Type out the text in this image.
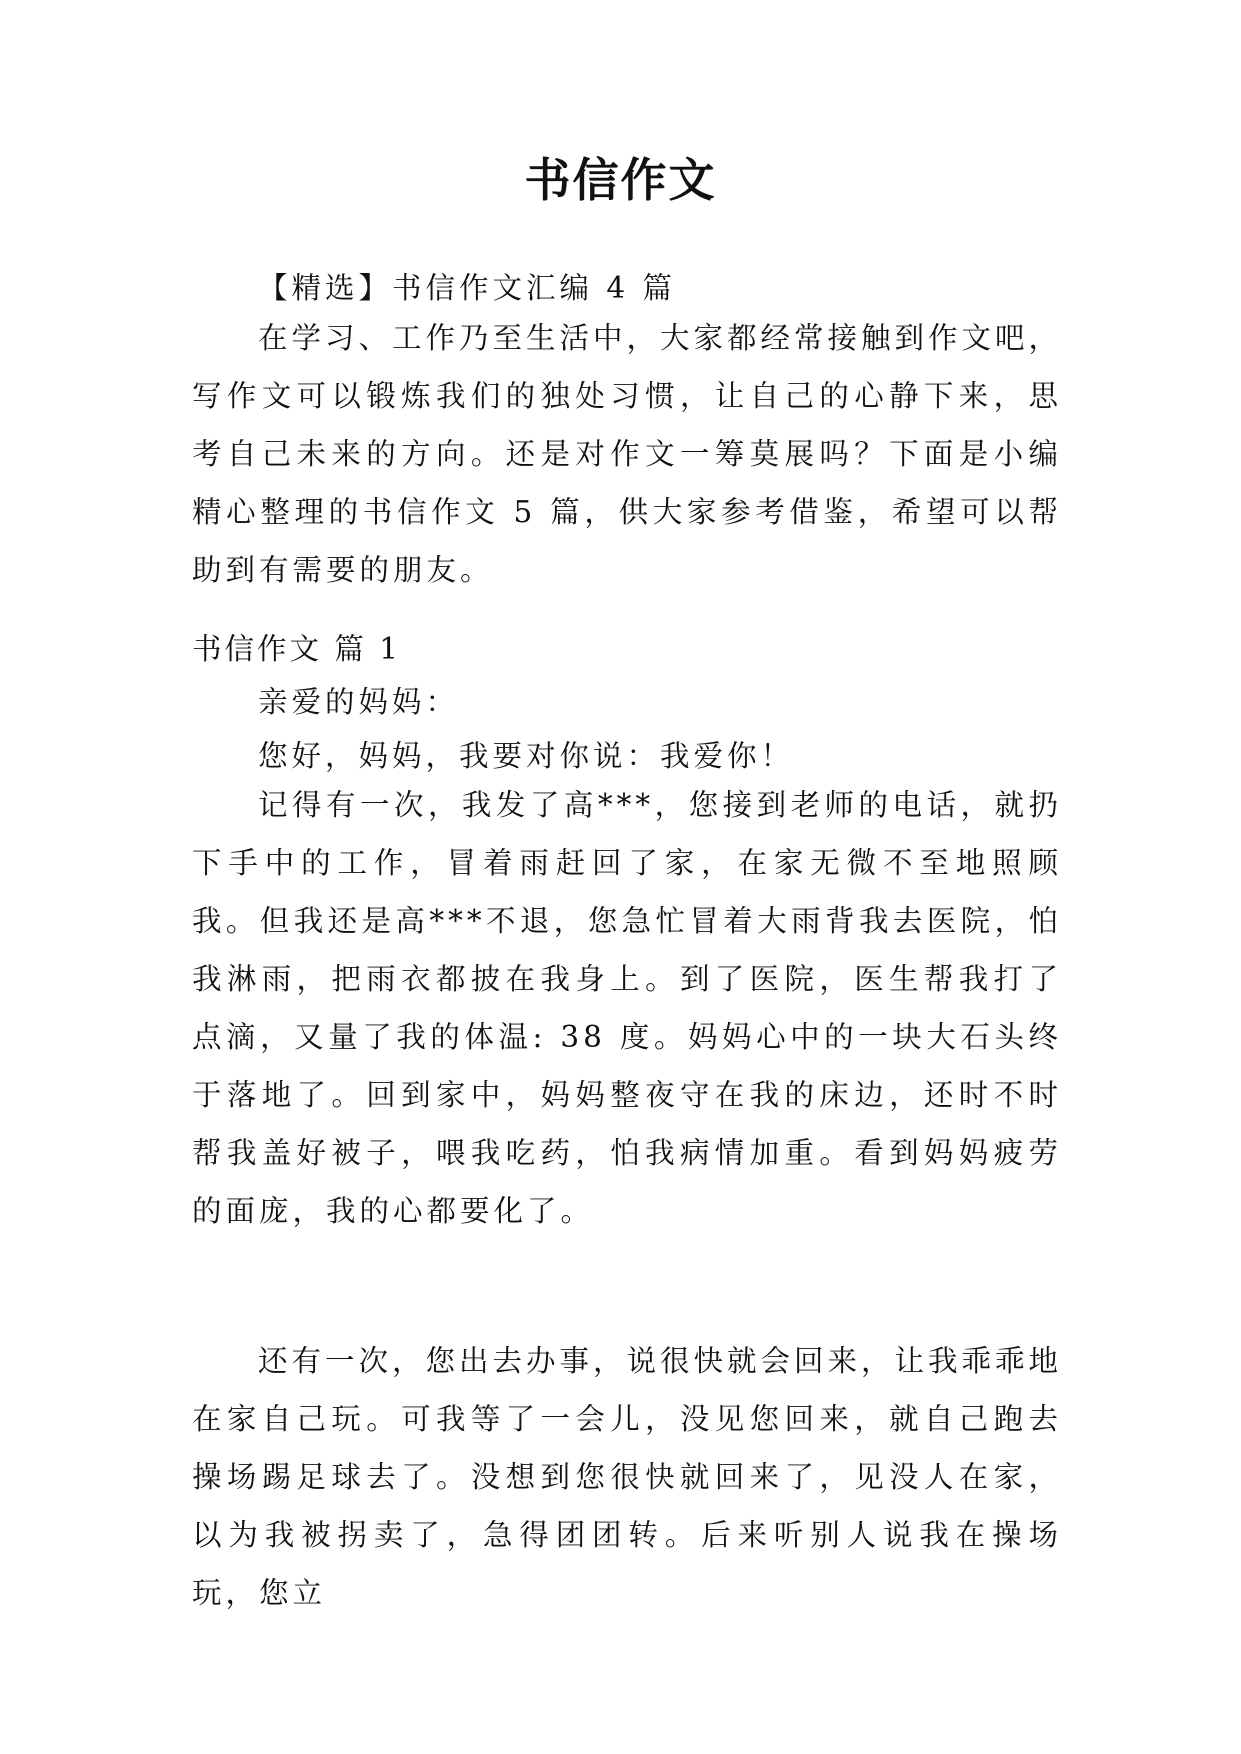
书信作文

【精选】书信作文汇编 4 篇

在学习、工作乃至生活中，大家都经常接触到作文吧，写作文可以锻炼我们的独处习惯，让自己的心静下来，思考自己未来的方向。还是对作文一筹莫展吗？下面是小编精心整理的书信作文 5 篇，供大家参考借鉴，希望可以帮助到有需要的朋友。

书信作文 篇 1

亲爱的妈妈：

您好，妈妈，我要对你说：我爱你！

记得有一次，我发了高***，您接到老师的电话，就扔下手中的工作，冒着雨赶回了家，在家无微不至地照顾我。但我还是高***不退，您急忙冒着大雨背我去医院，怕我淋雨，把雨衣都披在我身上。到了医院，医生帮我打了点滴，又量了我的体温: 38 度。妈妈心中的一块大石头终于落地了。回到家中，妈妈整夜守在我的床边，还时不时帮我盖好被子，喂我吃药，怕我病情加重。看到妈妈疲劳的面庞，我的心都要化了。

还有一次，您出去办事，说很快就会回来，让我乖乖地在家自己玩。可我等了一会儿，没见您回来，就自己跑去操场踢足球去了。没想到您很快就回来了，见没人在家，以为我被拐卖了，急得团团转。后来听别人说我在操场玩，您立
